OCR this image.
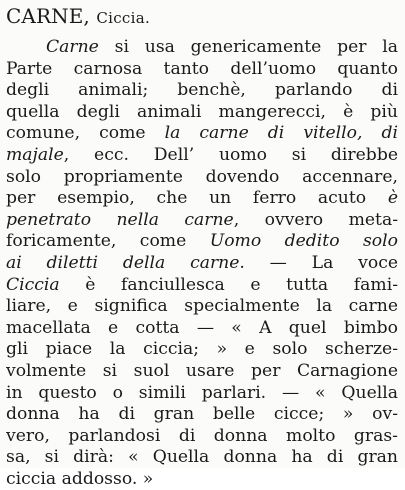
CARNE, Ciccia.
Carne si usa genericamente per la
Parte carnosa tanto dell’uomo quanto
degli animali; benchè, parlando di
quella degli animali mangerecci, è più
comune, come la carne di vitello, di
majale, ecc. Dell’ uomo si direbbe
solo propriamente dovendo accennare,
per esempio, che un ferro acuto è
penetrato nella carne, ovvero meta-
foricamente, come Uomo dedito solo
ai diletti della carne. — La voce
Ciccia è fanciullesca e tutta fami-
liare, e significa specialmente la carne
macellata e cotta — « A quel bimbo
gli piace la ciccia; » e solo scherze-
volmente si suol usare per Carnagione
in questo o simili parlari. — « Quella
donna ha di gran belle cicce; » ov-
vero, parlandosi di donna molto gras-
sa, si dirà: « Quella donna ha di gran
ciccia addosso. »
